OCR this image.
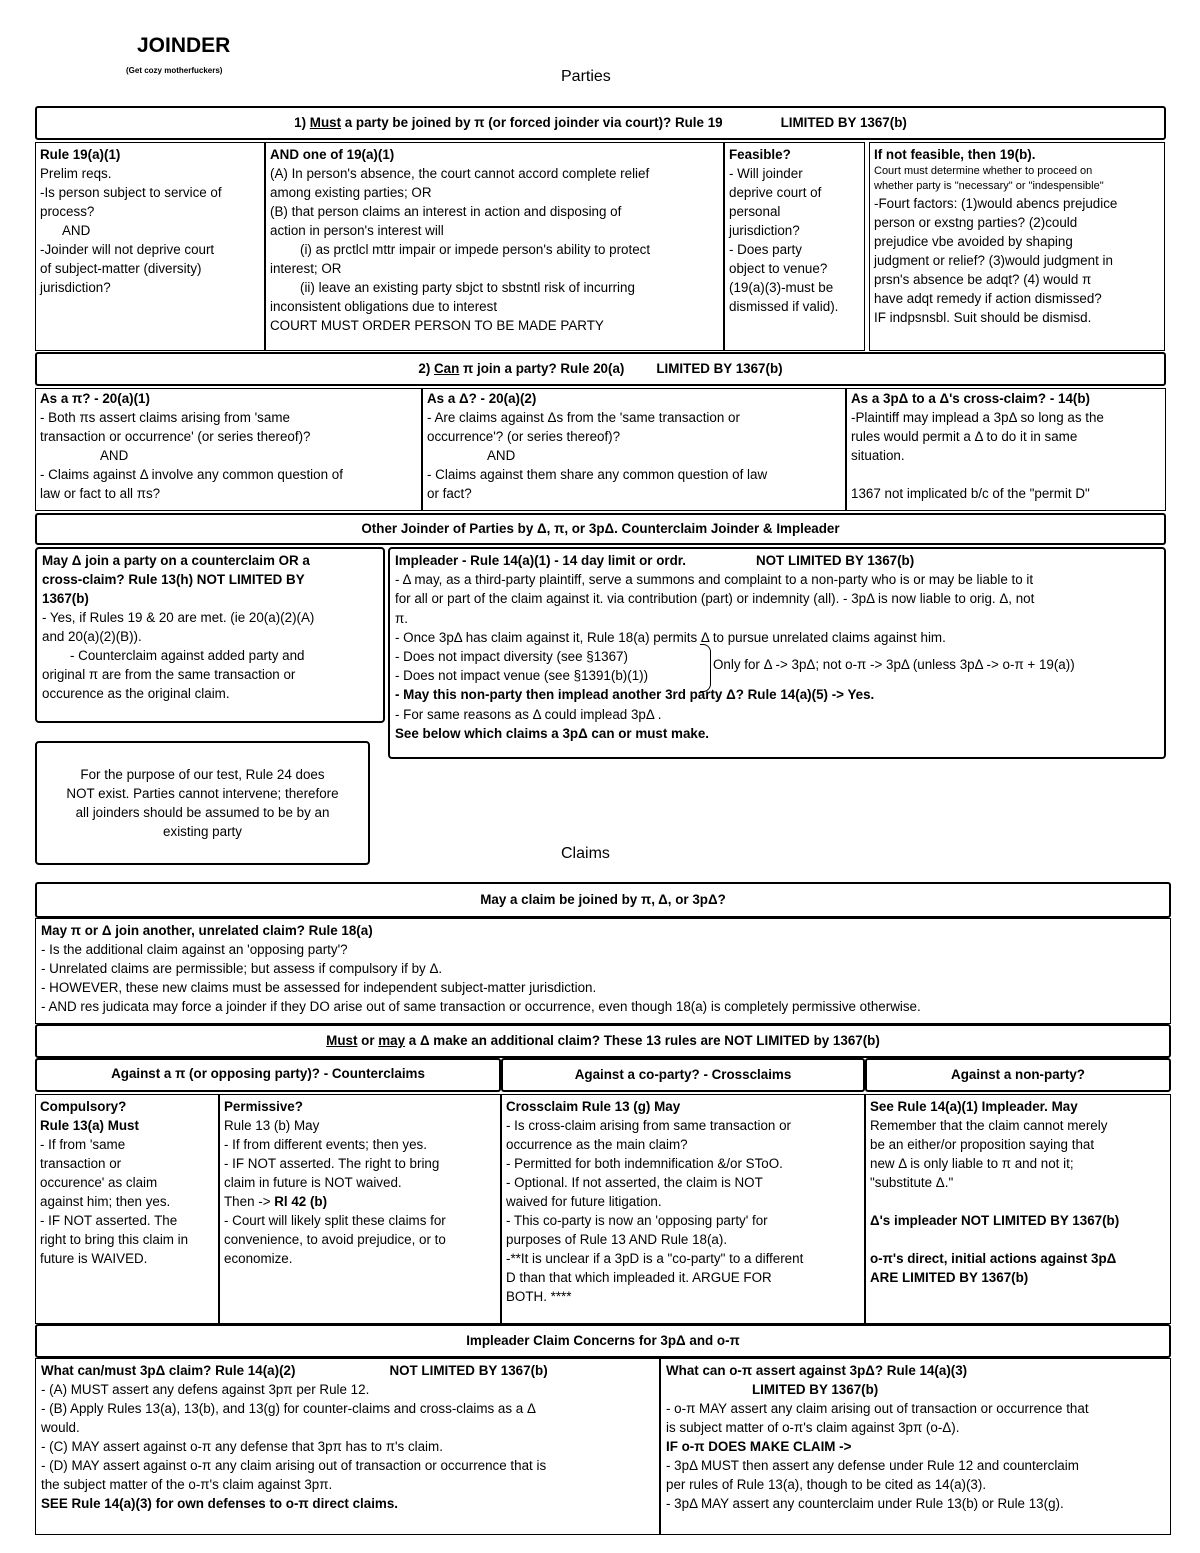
JOINDER
(Get cozy motherfuckers)	Parties
1) Must a party be joined by π (or forced joinder via court)? Rule 19	LIMITED BY 1367(b)
Rule 19(a)(1)
Prelim reqs.
-Is person subject to service of
process?
AND
-Joinder will not deprive court
of subject-matter (diversity)
jurisdiction?
AND one of 19(a)(1)
(A) In person's absence, the court cannot accord complete relief
among existing parties; OR
(B) that person claims an interest in action and disposing of
action in person's interest will
(i) as prctlcl mttr impair or impede person's ability to protect
interest; OR
(ii) leave an existing party sbjct to sbstntl risk of incurring
inconsistent obligations due to interest
COURT MUST ORDER PERSON TO BE MADE PARTY
Feasible?
- Will joinder
deprive court of
personal
jurisdiction?
- Does party
object to venue?
(19(a)(3)-must be
dismissed if valid).
If not feasible, then 19(b).
Court must determine whether to proceed on
whether party is "necessary" or "indespensible"
-Fourt factors: (1)would abencs prejudice
person or exstng parties? (2)could
prejudice vbe avoided by shaping
judgment or relief? (3)would judgment in
prsn's absence be adqt? (4) would π
have adqt remedy if action dismissed?
IF indpsnsbl. Suit should be dismisd.
2) Can π join a party? Rule 20(a) LIMITED BY 1367(b)
As a π? - 20(a)(1)
- Both πs assert claims arising from 'same
transaction or occurrence' (or series thereof)?
AND
- Claims against Δ involve any common question of
law or fact to all πs?
As a Δ? - 20(a)(2)
- Are claims against Δs from the 'same transaction or
occurrence'? (or series thereof)?
AND
- Claims against them share any common question of law
or fact?
As a 3pΔ to a Δ's cross-claim? - 14(b)
-Plaintiff may implead a 3pΔ so long as the
rules would permit a Δ to do it in same
situation.
1367 not implicated b/c of the "permit D"
Other Joinder of Parties by Δ, π, or 3pΔ. Counterclaim Joinder & Impleader
May Δ join a party on a counterclaim OR a
cross-claim? Rule 13(h) NOT LIMITED BY
1367(b)
- Yes, if Rules 19 & 20 are met. (ie 20(a)(2)(A)
and 20(a)(2)(B)).
- Counterclaim against added party and
original π are from the same transaction or
occurence as the original claim.
Impleader - Rule 14(a)(1) - 14 day limit or ordr.	NOT LIMITED BY 1367(b)
- Δ may, as a third-party plaintiff, serve a summons and complaint to a non-party who is or may be liable to it
for all or part of the claim against it. via contribution (part) or indemnity (all). - 3pΔ is now liable to orig. Δ, not
π.
- Once 3pΔ has claim against it, Rule 18(a) permits Δ to pursue unrelated claims against him.
- Does not impact diversity (see §1367)
- Does not impact venue (see §1391(b)(1))
- May this non-party then implead another 3rd party Δ? Rule 14(a)(5) -> Yes.
- For same reasons as Δ could implead 3pΔ .
See below which claims a 3pΔ can or must make.
Only for Δ -> 3pΔ; not o-π -> 3pΔ (unless 3pΔ -> o-π + 19(a))
For the purpose of our test, Rule 24 does
NOT exist. Parties cannot intervene; therefore
all joinders should be assumed to be by an
existing party
Claims
May a claim be joined by π, Δ, or 3pΔ?
May π or Δ join another, unrelated claim? Rule 18(a)
- Is the additional claim against an 'opposing party'?
- Unrelated claims are permissible; but assess if compulsory if by Δ.
- HOWEVER, these new claims must be assessed for independent subject-matter jurisdiction.
- AND res judicata may force a joinder if they DO arise out of same transaction or occurrence, even though 18(a) is completely permissive otherwise.
Must or may a Δ make an additional claim? These 13 rules are NOT LIMITED by 1367(b)
Against a π (or opposing party)? - Counterclaims	Against a co-party? - Crossclaims	Against a non-party?
Compulsory?
Rule 13(a) Must
- If from 'same
transaction or
occurence' as claim
against him; then yes.
- IF NOT asserted. The
right to bring this claim in
future is WAIVED.
Permissive?
Rule 13 (b) May
- If from different events; then yes.
- IF NOT asserted. The right to bring
claim in future is NOT waived.
Then -> Rl 42 (b)
- Court will likely split these claims for
convenience, to avoid prejudice, or to
economize.
Crossclaim Rule 13 (g) May
- Is cross-claim arising from same transaction or
occurrence as the main claim?
- Permitted for both indemnification &/or SToO.
- Optional. If not asserted, the claim is NOT
waived for future litigation.
- This co-party is now an 'opposing party' for
purposes of Rule 13 AND Rule 18(a).
-**It is unclear if a 3pD is a "co-party" to a different
D than that which impleaded it. ARGUE FOR
BOTH. ****
See Rule 14(a)(1) Impleader. May
Remember that the claim cannot merely
be an either/or proposition saying that
new Δ is only liable to π and not it;
"substitute Δ."
Δ's impleader NOT LIMITED BY 1367(b)
o-π's direct, initial actions against 3pΔ
ARE LIMITED BY 1367(b)
Impleader Claim Concerns for 3pΔ and o-π
What can/must 3pΔ claim? Rule 14(a)(2)	NOT LIMITED BY 1367(b)
- (A) MUST assert any defens against 3pπ per Rule 12.
- (B) Apply Rules 13(a), 13(b), and 13(g) for counter-claims and cross-claims as a Δ
would.
- (C) MAY assert against o-π any defense that 3pπ has to π's claim.
- (D) MAY assert against o-π any claim arising out of transaction or occurrence that is
the subject matter of the o-π's claim against 3pπ.
SEE Rule 14(a)(3) for own defenses to o-π direct claims.
What can o-π assert against 3pΔ? Rule 14(a)(3)
LIMITED BY 1367(b)
- o-π MAY assert any claim arising out of transaction or occurrence that
is subject matter of o-π's claim against 3pπ (o-Δ).
IF o-π DOES MAKE CLAIM ->
- 3pΔ MUST then assert any defense under Rule 12 and counterclaim
per rules of Rule 13(a), though to be cited as 14(a)(3).
- 3pΔ MAY assert any counterclaim under Rule 13(b) or Rule 13(g).
